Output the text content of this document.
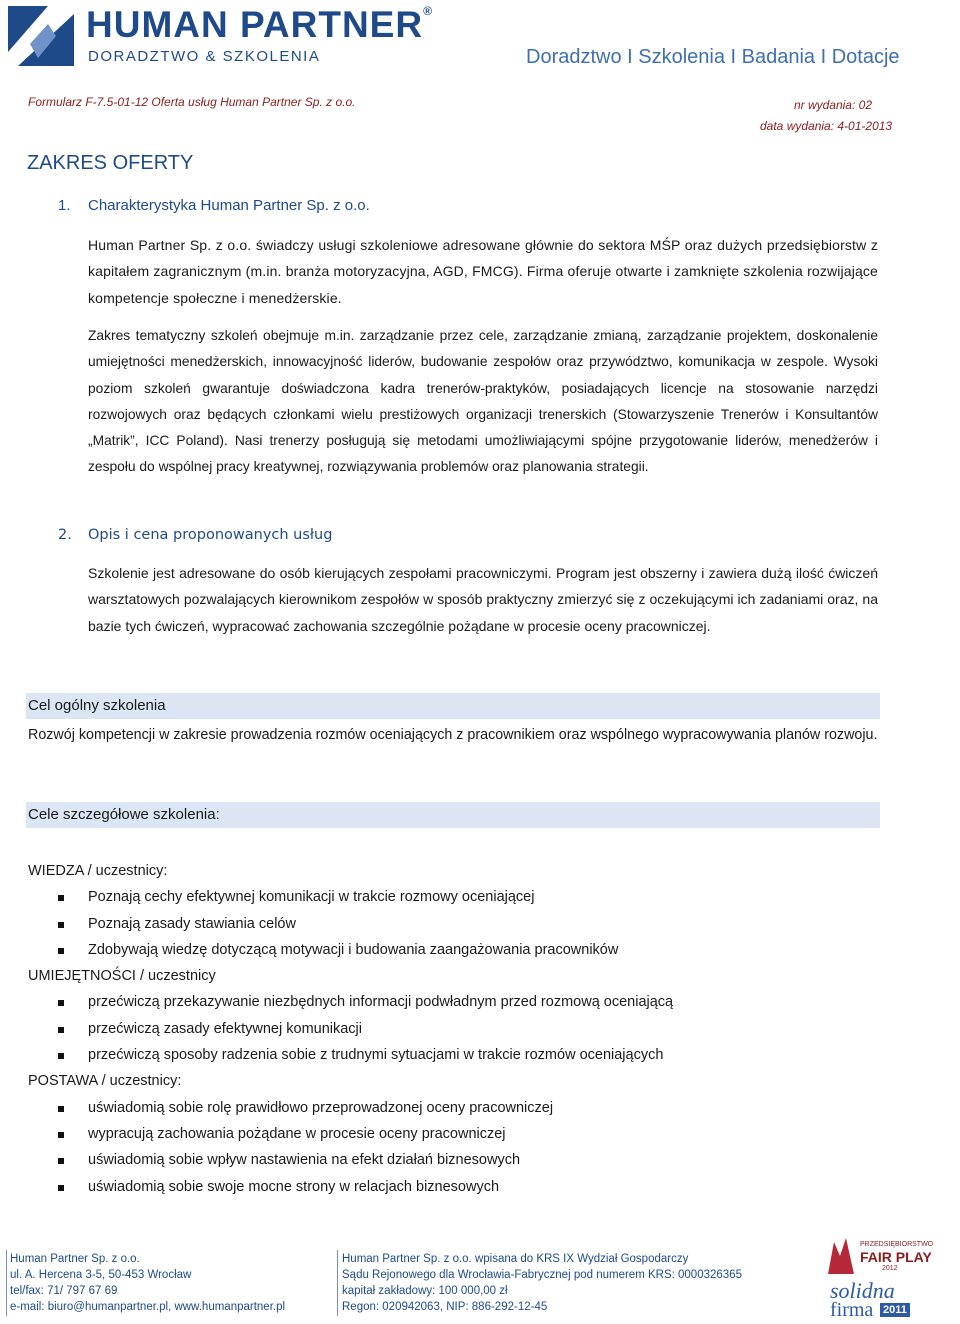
HUMAN PARTNER®
DORADZTWO & SZKOLENIA	Doradztwo I Szkolenia I Badania I Dotacje
Formularz F-7.5-01-12 Oferta usług Human Partner Sp. z o.o.	nr wydania: 02
data wydania: 4-01-2013
ZAKRES OFERTY
1. Charakterystyka Human Partner Sp. z o.o.
Human Partner Sp. z o.o. świadczy usługi szkoleniowe adresowane głównie do sektora MŚP oraz dużych przedsiębiorstw z kapitałem zagranicznym (m.in. branża motoryzacyjna, AGD, FMCG). Firma oferuje otwarte i zamknięte szkolenia rozwijające kompetencje społeczne i menedżerskie.
Zakres tematyczny szkoleń obejmuje m.in. zarządzanie przez cele, zarządzanie zmianą, zarządzanie projektem, doskonalenie umiejętności menedżerskich, innowacyjność liderów, budowanie zespołów oraz przywództwo, komunikacja w zespole. Wysoki poziom szkoleń gwarantuje doświadczona kadra trenerów-praktyków, posiadających licencje na stosowanie narzędzi rozwojowych oraz będących członkami wielu prestiżowych organizacji trenerskich (Stowarzyszenie Trenerów i Konsultantów „Matrik”, ICC Poland). Nasi trenerzy posługują się metodami umożliwiającymi spójne przygotowanie liderów, menedżerów i zespołu do wspólnej pracy kreatywnej, rozwiązywania problemów oraz planowania strategii.
2. Opis i cena proponowanych usług
Szkolenie jest adresowane do osób kierujących zespołami pracowniczymi. Program jest obszerny i zawiera dużą ilość ćwiczeń warsztatowych pozwalających kierownikom zespołów w sposób praktyczny zmierzyć się z oczekującymi ich zadaniami oraz, na bazie tych ćwiczeń, wypracować zachowania szczególnie pożądane w procesie oceny pracowniczej.
Cel ogólny szkolenia
Rozwój kompetencji w zakresie prowadzenia rozmów oceniających z pracownikiem oraz wspólnego wypracowywania planów rozwoju.
Cele szczegółowe szkolenia:
WIEDZA / uczestnicy:
Poznają cechy efektywnej komunikacji w trakcie rozmowy oceniającej
Poznają zasady stawiania celów
Zdobywają wiedzę dotyczącą motywacji i budowania zaangażowania pracowników
UMIEJĘTNOŚCI / uczestnicy
przećwiczą przekazywanie niezbędnych informacji podwładnym przed rozmową oceniającą
przećwiczą zasady efektywnej komunikacji
przećwiczą sposoby radzenia sobie z trudnymi sytuacjami w trakcie rozmów oceniających
POSTAWA / uczestnicy:
uświadomią sobie rolę prawidłowo przeprowadzonej oceny pracowniczej
wypracują zachowania pożądane w procesie oceny pracowniczej
uświadomią sobie wpływ nastawienia na efekt działań biznesowych
uświadomią sobie swoje mocne strony w relacjach biznesowych
Human Partner Sp. z o.o.
ul. A. Hercena 3-5, 50-453 Wrocław
tel/fax: 71/ 797 67 69
e-mail: biuro@humanpartner.pl, www.humanpartner.pl
Human Partner Sp. z o.o. wpisana do KRS IX Wydział Gospodarczy
Sądu Rejonowego dla Wrocławia-Fabrycznej pod numerem KRS: 0000326365
kapitał zakładowy: 100 000,00 zł
Regon: 020942063, NIP: 886-292-12-45
PRZEDSIĘBIORSTWO
FAIR PLAY
2012
solidna
firma 2011
